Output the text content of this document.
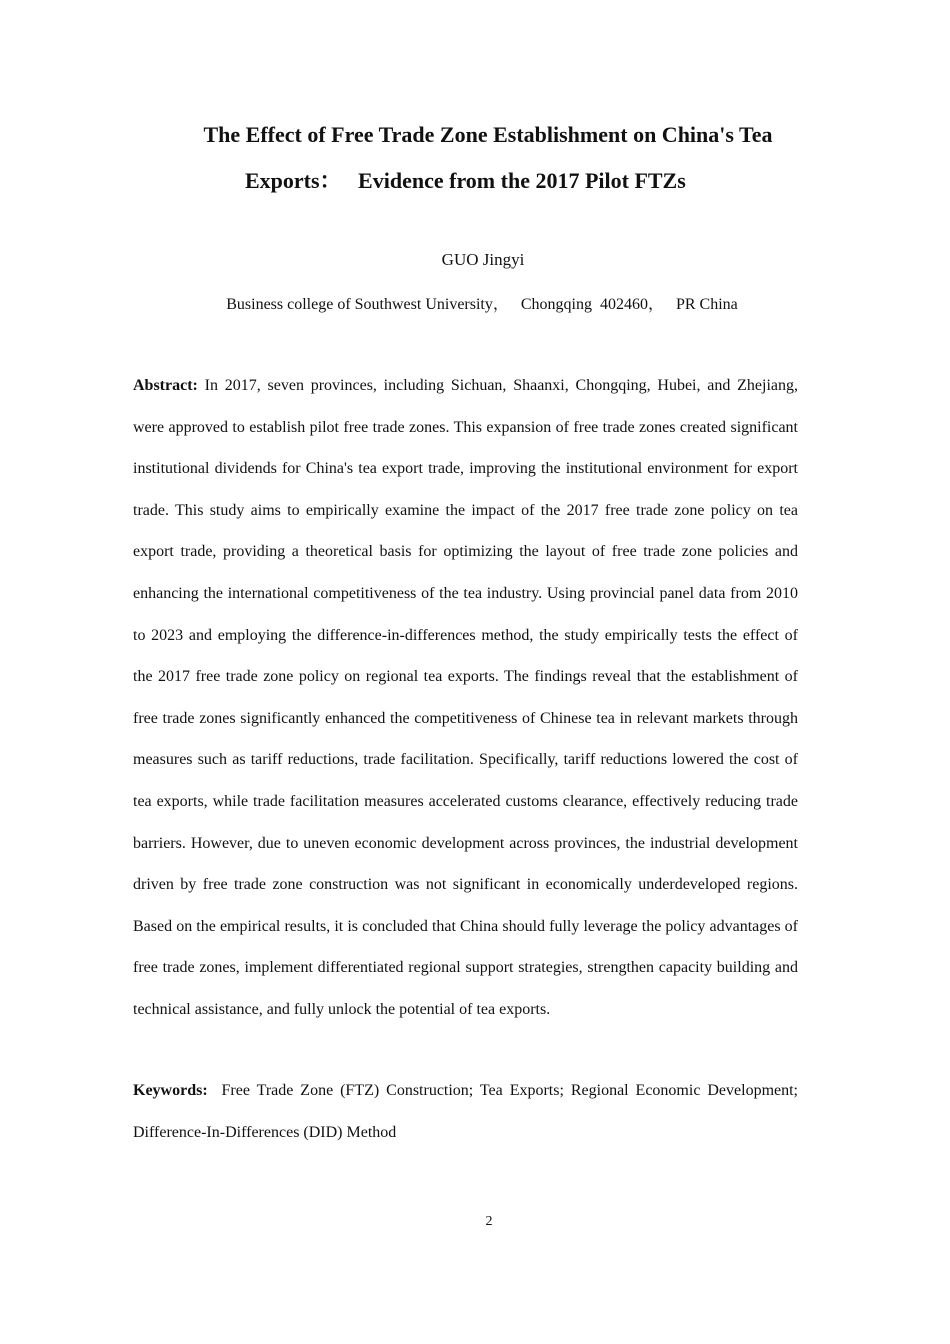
The Effect of Free Trade Zone Establishment on China's Tea
Exports：   Evidence from the 2017 Pilot FTZs
GUO Jingyi
Business college of Southwest University，   Chongqing  402460，   PR China

Abstract: In 2017, seven provinces, including Sichuan, Shaanxi, Chongqing, Hubei, and Zhejiang, were approved to establish pilot free trade zones. This expansion of free trade zones created significant institutional dividends for China's tea export trade, improving the institutional environment for export trade. This study aims to empirically examine the impact of the 2017 free trade zone policy on tea export trade, providing a theoretical basis for optimizing the layout of free trade zone policies and enhancing the international competitiveness of the tea industry. Using provincial panel data from 2010 to 2023 and employing the difference-in-differences method, the study empirically tests the effect of the 2017 free trade zone policy on regional tea exports. The findings reveal that the establishment of free trade zones significantly enhanced the competitiveness of Chinese tea in relevant markets through measures such as tariff reductions, trade facilitation. Specifically, tariff reductions lowered the cost of tea exports, while trade facilitation measures accelerated customs clearance, effectively reducing trade barriers. However, due to uneven economic development across provinces, the industrial development driven by free trade zone construction was not significant in economically underdeveloped regions. Based on the empirical results, it is concluded that China should fully leverage the policy advantages of free trade zones, implement differentiated regional support strategies, strengthen capacity building and technical assistance, and fully unlock the potential of tea exports.

Keywords: Free Trade Zone (FTZ) Construction; Tea Exports; Regional Economic Development; Difference-In-Differences (DID) Method

2
